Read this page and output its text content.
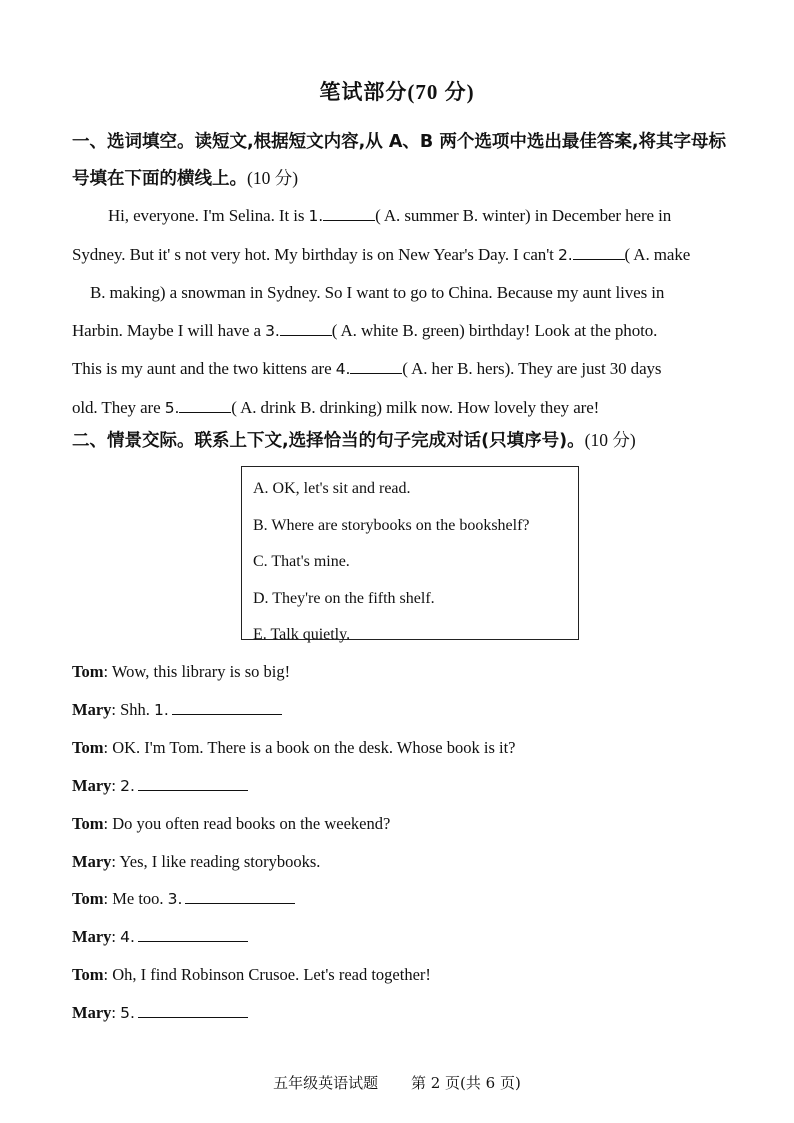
笔试部分(70 分)
一、选词填空。读短文,根据短文内容,从 A、B 两个选项中选出最佳答案,将其字母标
号填在下面的横线上。(10 分)
Hi, everyone. I'm Selina. It is 1.	( A. summer B. winter) in December here in
Sydney. But it' s not very hot. My birthday is on New Year's Day. I can't 2.	( A. make
B. making) a snowman in Sydney. So I want to go to China. Because my aunt lives in
Harbin. Maybe I will have a 3.	( A. white B. green) birthday! Look at the photo.
This is my aunt and the two kittens are 4.	( A. her B. hers). They are just 30 days
old. They are 5.	( A. drink B. drinking) milk now. How lovely they are!
二、情景交际。联系上下文,选择恰当的句子完成对话(只填序号)。(10 分)
A. OK, let's sit and read.
B. Where are storybooks on the bookshelf?
C. That's mine.
D. They're on the fifth shelf.
E. Talk quietly.
Tom: Wow, this library is so big!
Mary: Shh. 1.
Tom: OK. I'm Tom. There is a book on the desk. Whose book is it?
Mary: 2.
Tom: Do you often read books on the weekend?
Mary: Yes, I like reading storybooks.
Tom: Me too. 3.
Mary: 4.
Tom: Oh, I find Robinson Crusoe. Let's read together!
Mary: 5.
五年级英语试题 第 2 页(共 6 页)
